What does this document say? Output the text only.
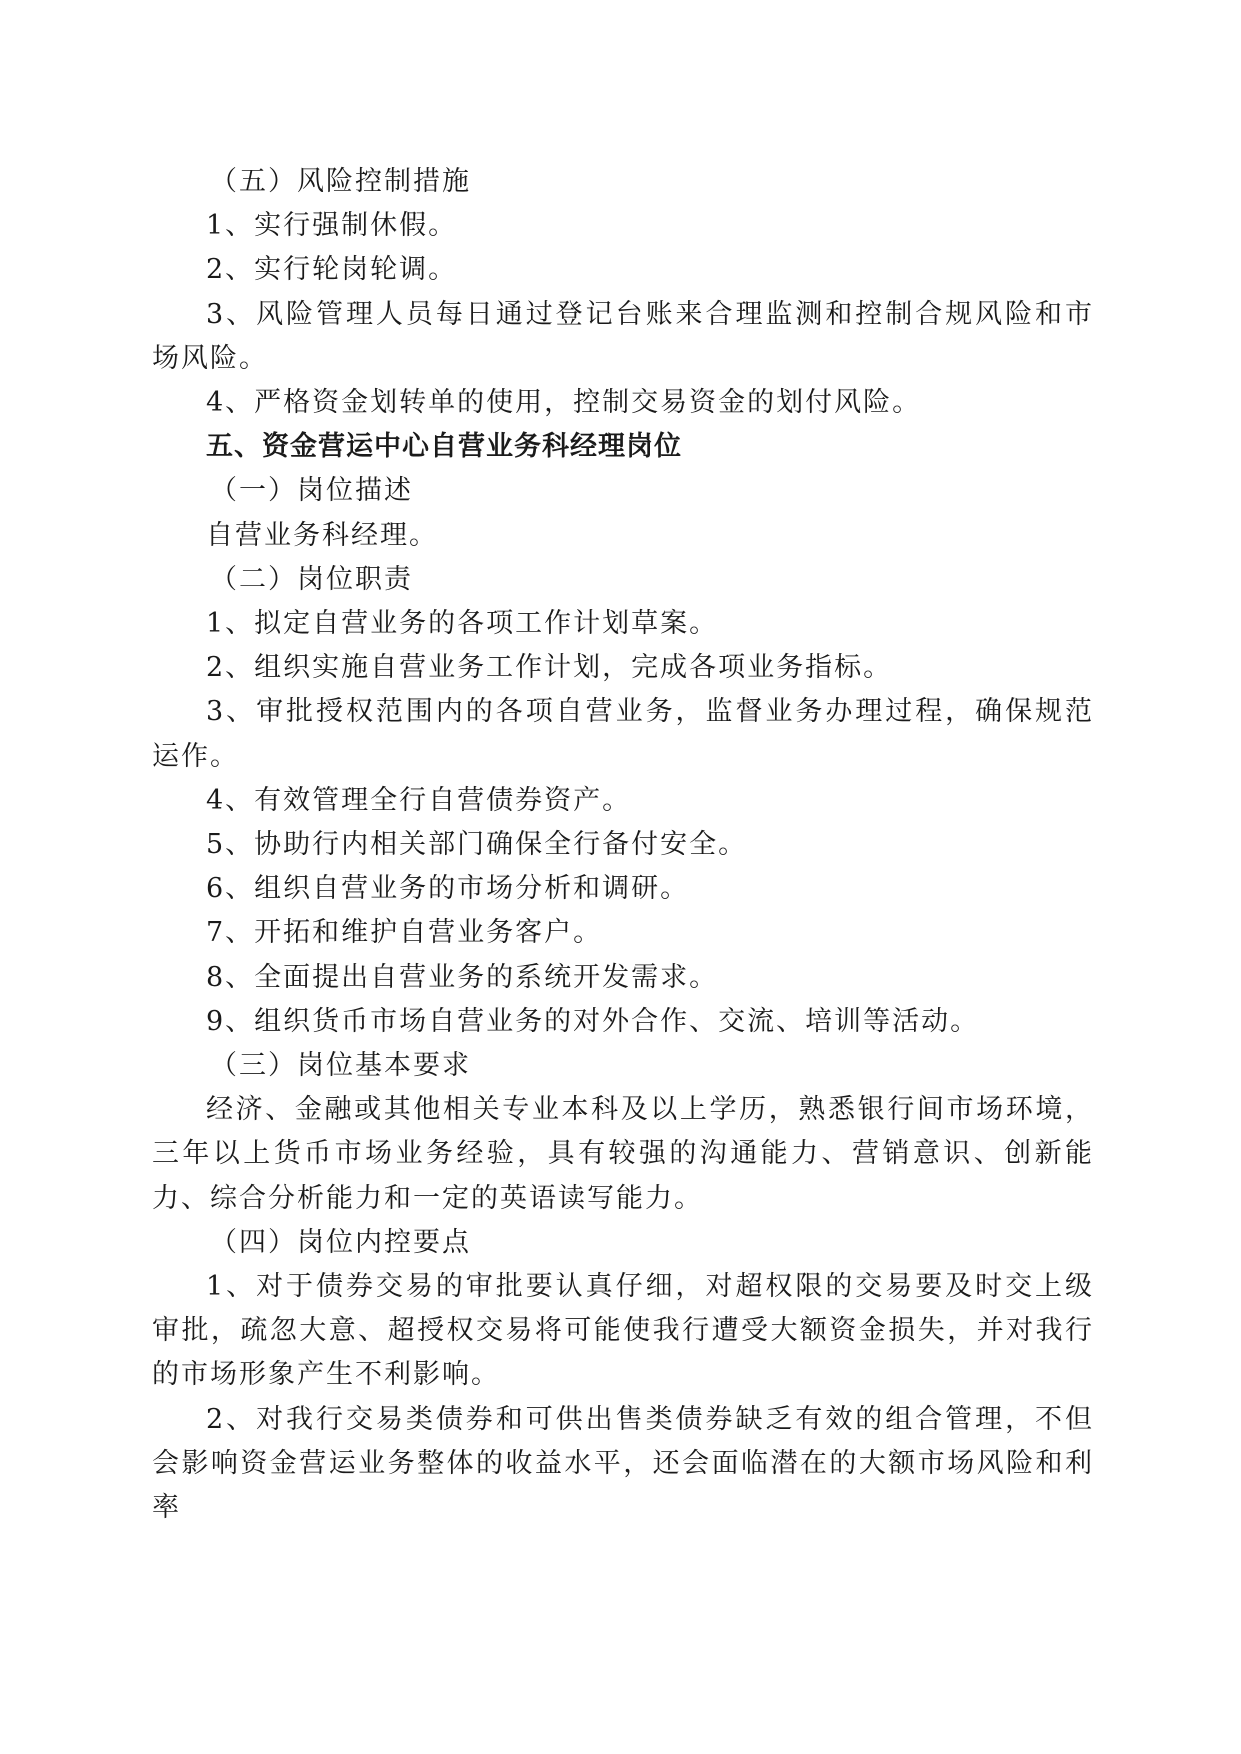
（五）风险控制措施

1、实行强制休假。

2、实行轮岗轮调。

3、风险管理人员每日通过登记台账来合理监测和控制合规风险和市场风险。

4、严格资金划转单的使用，控制交易资金的划付风险。

五、资金营运中心自营业务科经理岗位

（一）岗位描述

自营业务科经理。

（二）岗位职责

1、拟定自营业务的各项工作计划草案。

2、组织实施自营业务工作计划，完成各项业务指标。

3、审批授权范围内的各项自营业务，监督业务办理过程，确保规范运作。

4、有效管理全行自营债券资产。

5、协助行内相关部门确保全行备付安全。

6、组织自营业务的市场分析和调研。

7、开拓和维护自营业务客户。

8、全面提出自营业务的系统开发需求。

9、组织货币市场自营业务的对外合作、交流、培训等活动。

（三）岗位基本要求

经济、金融或其他相关专业本科及以上学历，熟悉银行间市场环境，三年以上货币市场业务经验，具有较强的沟通能力、营销意识、创新能力、综合分析能力和一定的英语读写能力。

（四）岗位内控要点

1、对于债券交易的审批要认真仔细，对超权限的交易要及时交上级审批，疏忽大意、超授权交易将可能使我行遭受大额资金损失，并对我行的市场形象产生不利影响。

2、对我行交易类债券和可供出售类债券缺乏有效的组合管理，不但会影响资金营运业务整体的收益水平，还会面临潜在的大额市场风险和利率
